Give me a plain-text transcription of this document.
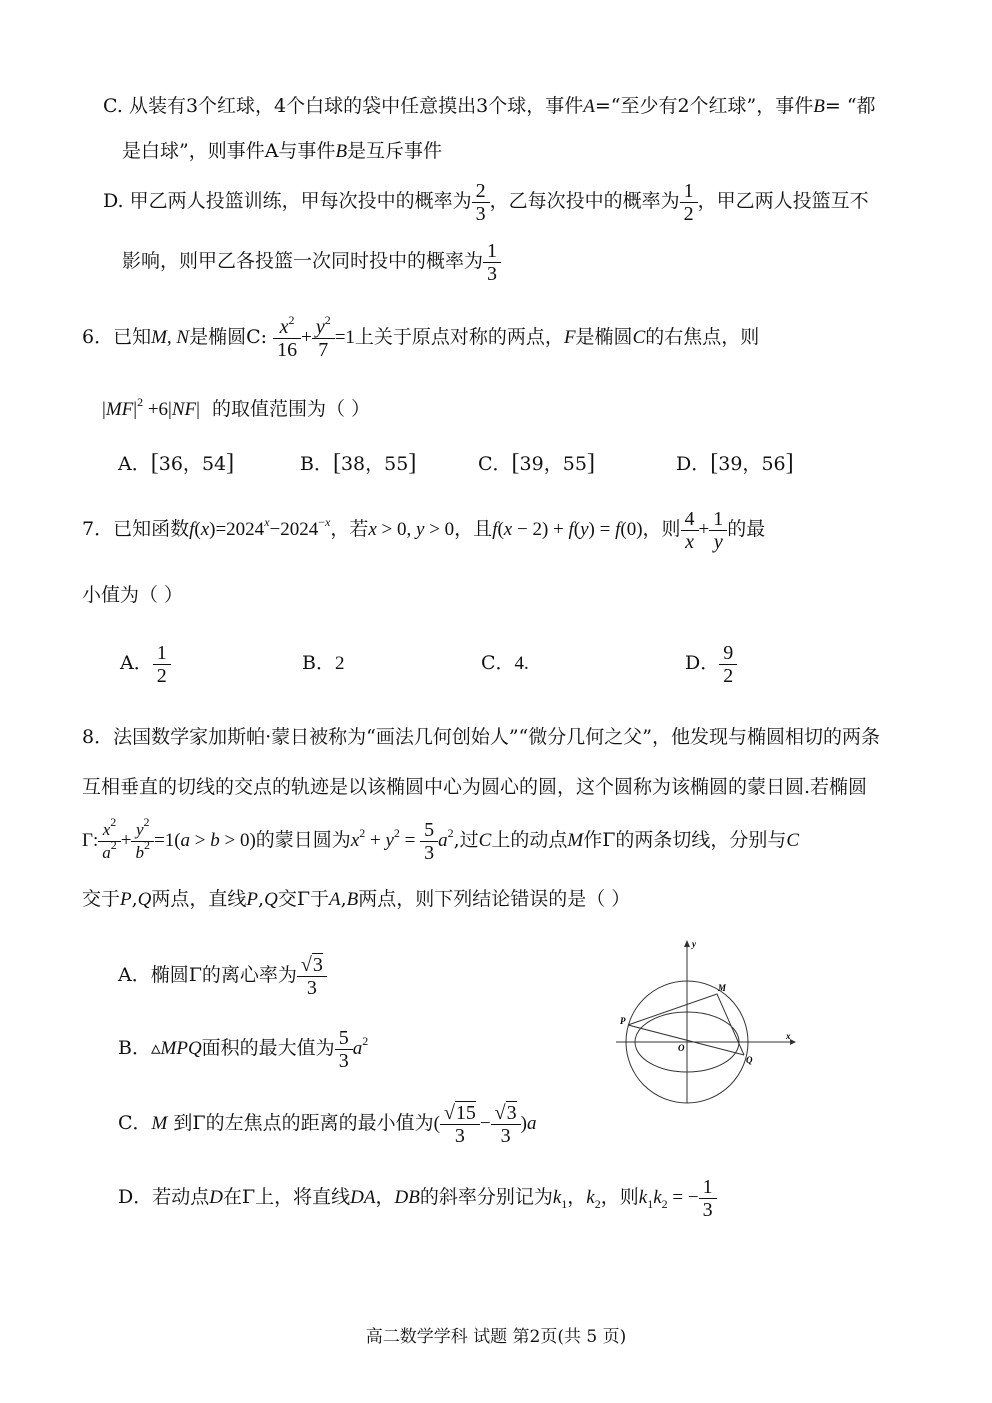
C. 从装有3个红球，4个白球的袋中任意摸出3个球，事件A=“至少有2个红球”，事件B= “都
是白球”，则事件A与事件B是互斥事件
D. 甲乙两人投篮训练，甲每次投中的概率为 $\frac{2}{3}$ ，乙每次投中的概率为 $\frac{1}{2}$ ，甲乙两人投篮互不
影响，则甲乙各投篮一次同时投中的概率为 $\frac{1}{3}$
6．已知M, N是椭圆C: $\frac{x^2}{16} + \frac{y^2}{7} =1$上关于原点对称的两点，F是椭圆C的右焦点，则
$|MF|^2 +6|NF|$ 的取值范围为（ ）
A．[36，54]	B．[38，55]	C．[39，55]	D．[39，56]
7．已知函数$f(x)=2024^x-2024^{-x}$，若x > 0, y > 0，且f(x − 2) + f(y) = f(0)，则 $\frac{4}{x} + \frac{1}{y}$ 的最
小值为（ ）
A． $\frac{1}{2}$	B．2	C．4.	D． $\frac{9}{2}$
8．法国数学家加斯帕·蒙日被称为“画法几何创始人”“微分几何之父”，他发现与椭圆相切的两条
互相垂直的切线的交点的轨迹是以该椭圆中心为圆心的圆，这个圆称为该椭圆的蒙日圆.若椭圆
Γ: $\frac{x^2}{a^2} + \frac{y^2}{b^2} =1(a > b > 0)$的蒙日圆为$x^2 + y^2 = \frac{5}{3} a^2$,过C上的动点M作Γ的两条切线，分别与C
交于P,Q两点，直线P,Q交Γ于A,B两点，则下列结论错误的是（ ）
A．椭圆Γ的离心率为 $\frac{√3}{3}$
B．▵MPQ面积的最大值为 $\frac{5}{3} a^2$
C．M 到Γ的左焦点的距离的最小值为( $\frac{√15}{3} - \frac{√3}{3} )a$
D．若动点D在Γ上，将直线DA，DB的斜率分别记为$k_1$，$k_2$，则$k_1k_2$ = − $\frac{1}{3}$
y
x
M
P
O
Q
高二数学学科 试题 第2页(共 5 页)
